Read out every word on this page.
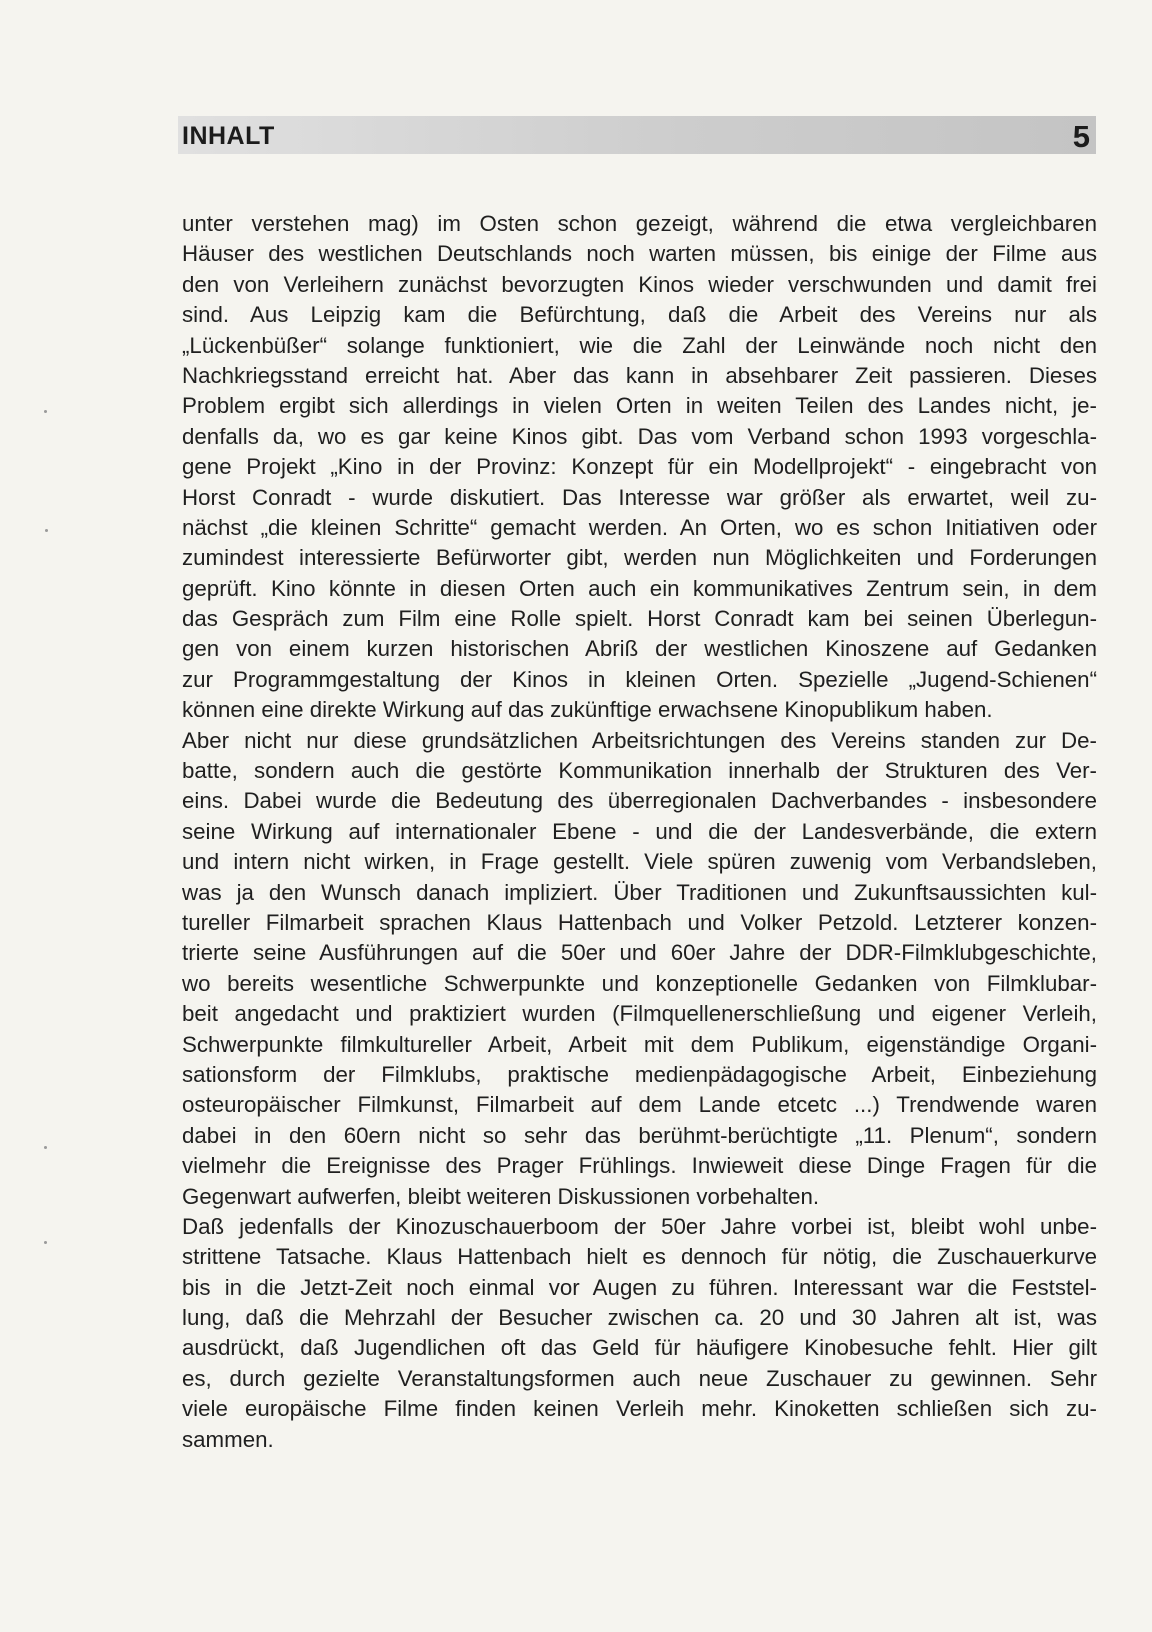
INHALT	5
unter verstehen mag) im Osten schon gezeigt, während die etwa vergleichbaren
Häuser des westlichen Deutschlands noch warten müssen, bis einige der Filme aus
den von Verleihern zunächst bevorzugten Kinos wieder verschwunden und damit frei
sind. Aus Leipzig kam die Befürchtung, daß die Arbeit des Vereins nur als
„Lückenbüßer“ solange funktioniert, wie die Zahl der Leinwände noch nicht den
Nachkriegsstand erreicht hat. Aber das kann in absehbarer Zeit passieren. Dieses
Problem ergibt sich allerdings in vielen Orten in weiten Teilen des Landes nicht, je-
denfalls da, wo es gar keine Kinos gibt. Das vom Verband schon 1993 vorgeschla-
gene Projekt „Kino in der Provinz: Konzept für ein Modellprojekt“ - eingebracht von
Horst Conradt - wurde diskutiert. Das Interesse war größer als erwartet, weil zu-
nächst „die kleinen Schritte“ gemacht werden. An Orten, wo es schon Initiativen oder
zumindest interessierte Befürworter gibt, werden nun Möglichkeiten und Forderungen
geprüft. Kino könnte in diesen Orten auch ein kommunikatives Zentrum sein, in dem
das Gespräch zum Film eine Rolle spielt. Horst Conradt kam bei seinen Überlegun-
gen von einem kurzen historischen Abriß der westlichen Kinoszene auf Gedanken
zur Programmgestaltung der Kinos in kleinen Orten. Spezielle „Jugend-Schienen“
können eine direkte Wirkung auf das zukünftige erwachsene Kinopublikum haben.
Aber nicht nur diese grundsätzlichen Arbeitsrichtungen des Vereins standen zur De-
batte, sondern auch die gestörte Kommunikation innerhalb der Strukturen des Ver-
eins. Dabei wurde die Bedeutung des überregionalen Dachverbandes - insbesondere
seine Wirkung auf internationaler Ebene - und die der Landesverbände, die extern
und intern nicht wirken, in Frage gestellt. Viele spüren zuwenig vom Verbandsleben,
was ja den Wunsch danach impliziert. Über Traditionen und Zukunftsaussichten kul-
tureller Filmarbeit sprachen Klaus Hattenbach und Volker Petzold. Letzterer konzen-
trierte seine Ausführungen auf die 50er und 60er Jahre der DDR-Filmklubgeschichte,
wo bereits wesentliche Schwerpunkte und konzeptionelle Gedanken von Filmklubar-
beit angedacht und praktiziert wurden (Filmquellenerschließung und eigener Verleih,
Schwerpunkte filmkultureller Arbeit, Arbeit mit dem Publikum, eigenständige Organi-
sationsform der Filmklubs, praktische medienpädagogische Arbeit, Einbeziehung
osteuropäischer Filmkunst, Filmarbeit auf dem Lande etcetc ...) Trendwende waren
dabei in den 60ern nicht so sehr das berühmt-berüchtigte „11. Plenum“, sondern
vielmehr die Ereignisse des Prager Frühlings. Inwieweit diese Dinge Fragen für die
Gegenwart aufwerfen, bleibt weiteren Diskussionen vorbehalten.
Daß jedenfalls der Kinozuschauerboom der 50er Jahre vorbei ist, bleibt wohl unbe-
strittene Tatsache. Klaus Hattenbach hielt es dennoch für nötig, die Zuschauerkurve
bis in die Jetzt-Zeit noch einmal vor Augen zu führen. Interessant war die Feststel-
lung, daß die Mehrzahl der Besucher zwischen ca. 20 und 30 Jahren alt ist, was
ausdrückt, daß Jugendlichen oft das Geld für häufigere Kinobesuche fehlt. Hier gilt
es, durch gezielte Veranstaltungsformen auch neue Zuschauer zu gewinnen. Sehr
viele europäische Filme finden keinen Verleih mehr. Kinoketten schließen sich zu-
sammen.
